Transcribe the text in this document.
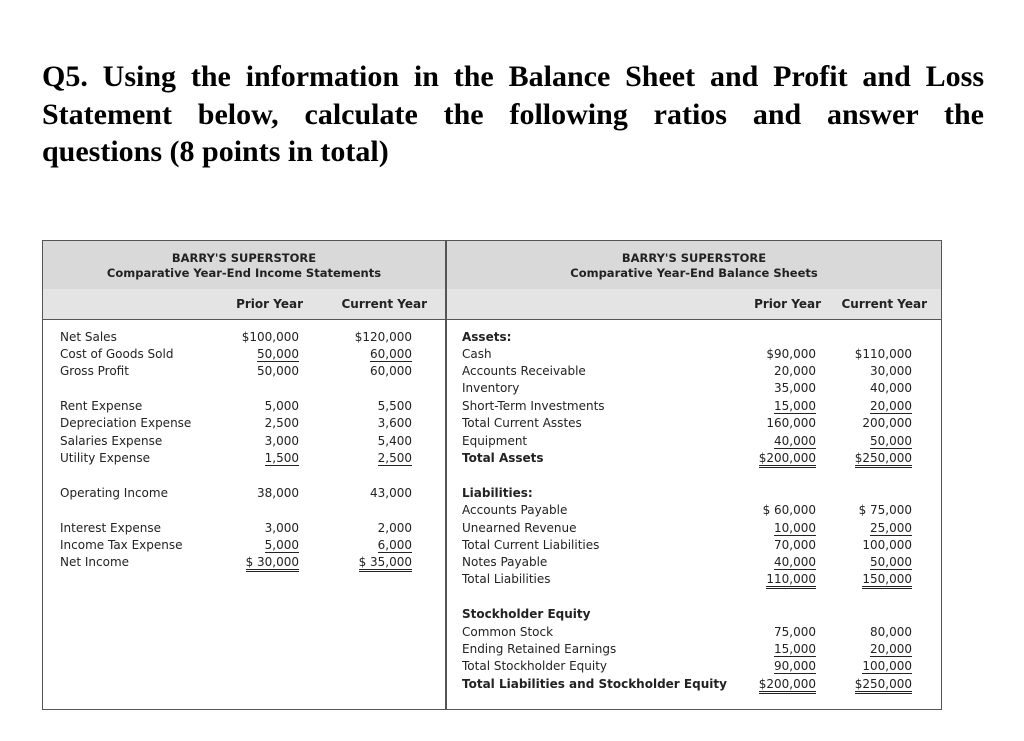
Q5. Using the information in the Balance Sheet and Profit and Loss
Statement below, calculate the following ratios and answer the
questions (8 points in total)
BARRY'S SUPERSTORE
Comparative Year-End Income Statements
Prior Year	Current Year
BARRY'S SUPERSTORE
Comparative Year-End Balance Sheets
Prior Year	Current Year
Net Sales	$100,000	$120,000
Cost of Goods Sold	50,000	60,000
Gross Profit	50,000	60,000
Rent Expense	5,000	5,500
Depreciation Expense	2,500	3,600
Salaries Expense	3,000	5,400
Utility Expense	1,500	2,500
Operating Income	38,000	43,000
Interest Expense	3,000	2,000
Income Tax Expense	5,000	6,000
Net Income	$ 30,000	$ 35,000
Assets:
Cash	$90,000	$110,000
Accounts Receivable	20,000	30,000
Inventory	35,000	40,000
Short-Term Investments	15,000	20,000
Total Current Asstes	160,000	200,000
Equipment	40,000	50,000
Total Assets	$200,000	$250,000
Liabilities:
Accounts Payable	$ 60,000	$ 75,000
Unearned Revenue	10,000	25,000
Total Current Liabilities	70,000	100,000
Notes Payable	40,000	50,000
Total Liabilities	110,000	150,000
Stockholder Equity
Common Stock	75,000	80,000
Ending Retained Earnings	15,000	20,000
Total Stockholder Equity	90,000	100,000
Total Liabilities and Stockholder Equity	$200,000	$250,000
